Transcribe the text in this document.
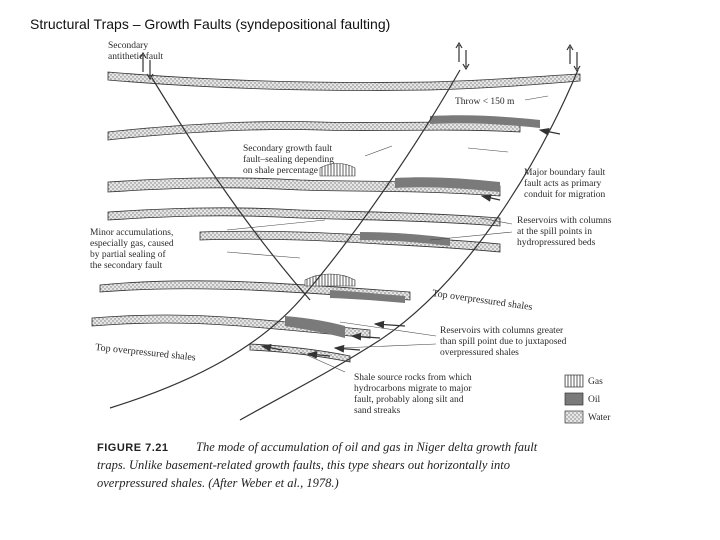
Structural Traps – Growth Faults (syndepositional faulting)
Secondary antithetic fault
Throw < 150 m
Secondary growth fault fault–sealing depending on shale percentage	Major boundary fault fault acts as primary conduit for migration
Reservoirs with columns at the spill points in hydropressured beds
Minor accumulations, especially gas, caused by partial sealing of the secondary fault
Top overpressured shales
Top overpressured shales
Reservoirs with columns greater than spill point due to juxtaposed overpressured shales
Shale source rocks from which hydrocarbons migrate to major fault, probably along silt and sand streaks
Gas
Oil
Water
FIGURE 7.21 The mode of accumulation of oil and gas in Niger delta growth fault
traps. Unlike basement-related growth faults, this type shears out horizontally into
overpressured shales. (After Weber et al., 1978.)
